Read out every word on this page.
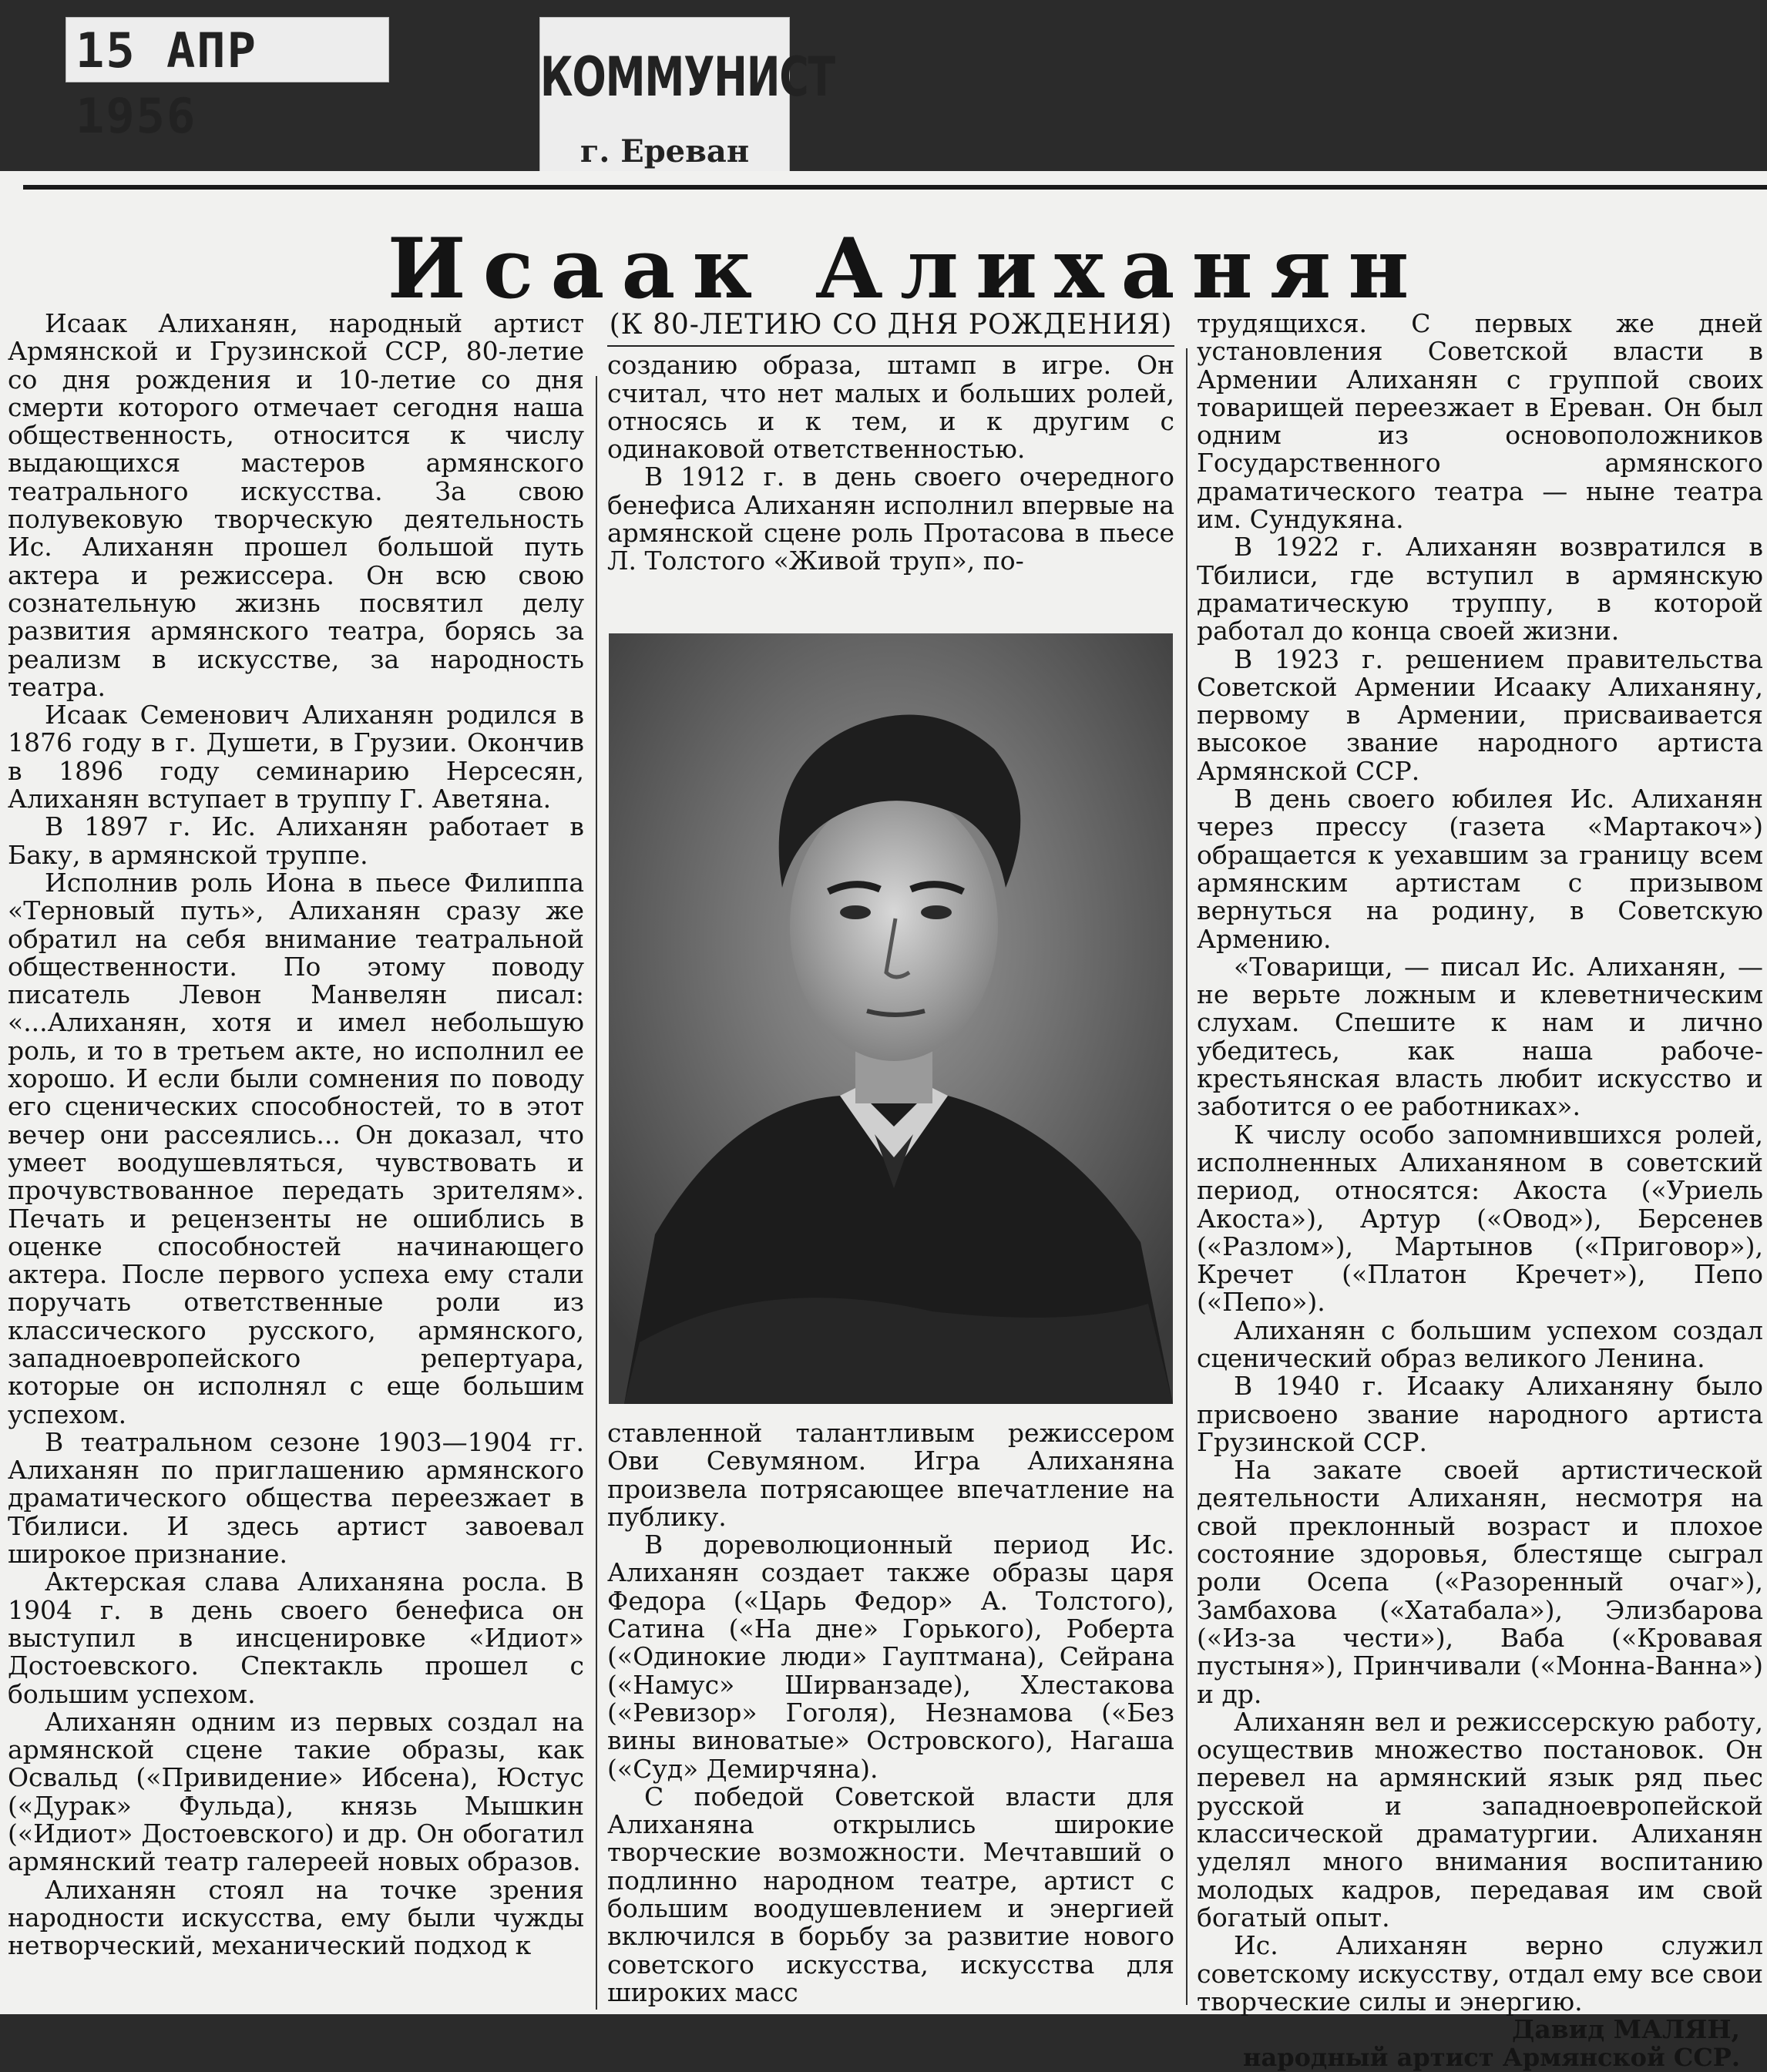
15 АПР 1956
КОММУНИСТ
г. Ереван
Исаак Алиханян

Исаак Алиханян, народный артист Армянской и Грузинской ССР, 80-летие со дня рождения и 10-летие со дня смерти которого отмечает сегодня наша общественность, относится к числу выдающихся мастеров армянского театрального искусства. За свою полувековую творческую деятельность Ис. Алиханян прошел большой путь актера и режиссера. Он всю свою сознательную жизнь посвятил делу развития армянского театра, борясь за реализм в искусстве, за народность театра.

Исаак Семенович Алиханян родился в 1876 году в г. Душети, в Грузии. Окончив в 1896 году семинарию Нерсесян, Алиханян вступает в труппу Г. Аветяна.

В 1897 г. Ис. Алиханян работает в Баку, в армянской труппе.

Исполнив роль Иона в пьесе Филиппа «Терновый путь», Алиханян сразу же обратил на себя внимание театральной общественности. По этому поводу писатель Левон Манвелян писал: «...Алиханян, хотя и имел небольшую роль, и то в третьем акте, но исполнил ее хорошо. И если были сомнения по поводу его сценических способностей, то в этот вечер они рассеялись... Он доказал, что умеет воодушевляться, чувствовать и прочувствованное передать зрителям». Печать и рецензенты не ошиблись в оценке способностей начинающего актера. После первого успеха ему стали поручать ответственные роли из классического русского, армянского, западноевропейского репертуара, которые он исполнял с еще большим успехом.

В театральном сезоне 1903—1904 гг. Алиханян по приглашению армянского драматического общества переезжает в Тбилиси. И здесь артист завоевал широкое признание.

Актерская слава Алиханяна росла. В 1904 г. в день своего бенефиса он выступил в инсценировке «Идиот» Достоевского. Спектакль прошел с большим успехом.

Алиханян одним из первых создал на армянской сцене такие образы, как Освальд («Привидение» Ибсена), Юстус («Дурак» Фульда), князь Мышкин («Идиот» Достоевского) и др. Он обогатил армянский театр галереей новых образов.

Алиханян стоял на точке зрения народности искусства, ему были чужды нетворческий, механический подход к

(К 80-ЛЕТИЮ СО ДНЯ РОЖДЕНИЯ)

созданию образа, штамп в игре. Он считал, что нет малых и больших ролей, относясь и к тем, и к другим с одинаковой ответственностью.

В 1912 г. в день своего очередного бенефиса Алиханян исполнил впервые на армянской сцене роль Протасова в пьесе Л. Толстого «Живой труп», по-

ставленной талантливым режиссером Ови Севумяном. Игра Алиханяна произвела потрясающее впечатление на публику.

В дореволюционный период Ис. Алиханян создает также образы царя Федора («Царь Федор» А. Толстого), Сатина («На дне» Горького), Роберта («Одинокие люди» Гауптмана), Сейрана («Намус» Ширванзаде), Хлестакова («Ревизор» Гоголя), Незнамова («Без вины виноватые» Островского), Нагаша («Суд» Демирчяна).

С победой Советской власти для Алиханяна открылись широкие творческие возможности. Мечтавший о подлинно народном театре, артист с большим воодушевлением и энергией включился в борьбу за развитие нового советского искусства, искусства для широких масс

трудящихся. С первых же дней установления Советской власти в Армении Алиханян с группой своих товарищей переезжает в Ереван. Он был одним из основоположников Государственного армянского драматического театра — ныне театра им. Сундукяна.

В 1922 г. Алиханян возвратился в Тбилиси, где вступил в армянскую драматическую труппу, в которой работал до конца своей жизни.

В 1923 г. решением правительства Советской Армении Исааку Алиханяну, первому в Армении, присваивается высокое звание народного артиста Армянской ССР.

В день своего юбилея Ис. Алиханян через прессу (газета «Мартакоч») обращается к уехавшим за границу всем армянским артистам с призывом вернуться на родину, в Советскую Армению.

«Товарищи, — писал Ис. Алиханян, — не верьте ложным и клеветническим слухам. Спешите к нам и лично убедитесь, как наша рабоче-крестьянская власть любит искусство и заботится о ее работниках».

К числу особо запомнившихся ролей, исполненных Алиханяном в советский период, относятся: Акоста («Уриель Акоста»), Артур («Овод»), Берсенев («Разлом»), Мартынов («Приговор»), Кречет («Платон Кречет»), Пепо («Пепо»).

Алиханян с большим успехом создал сценический образ великого Ленина.

В 1940 г. Исааку Алиханяну было присвоено звание народного артиста Грузинской ССР.

На закате своей артистической деятельности Алиханян, несмотря на свой преклонный возраст и плохое состояние здоровья, блестяще сыграл роли Осепа («Разоренный очаг»), Замбахова («Хатабала»), Элизбарова («Из-за чести»), Ваба («Кровавая пустыня»), Принчивали («Монна-Ванна») и др.

Алиханян вел и режиссерскую работу, осуществив множество постановок. Он перевел на армянский язык ряд пьес русской и западноевропейской классической драматургии. Алиханян уделял много внимания воспитанию молодых кадров, передавая им свой богатый опыт.

Ис. Алиханян верно служил советскому искусству, отдал ему все свои творческие силы и энергию.

Давид МАЛЯН,

народный артист Армянской ССР.
